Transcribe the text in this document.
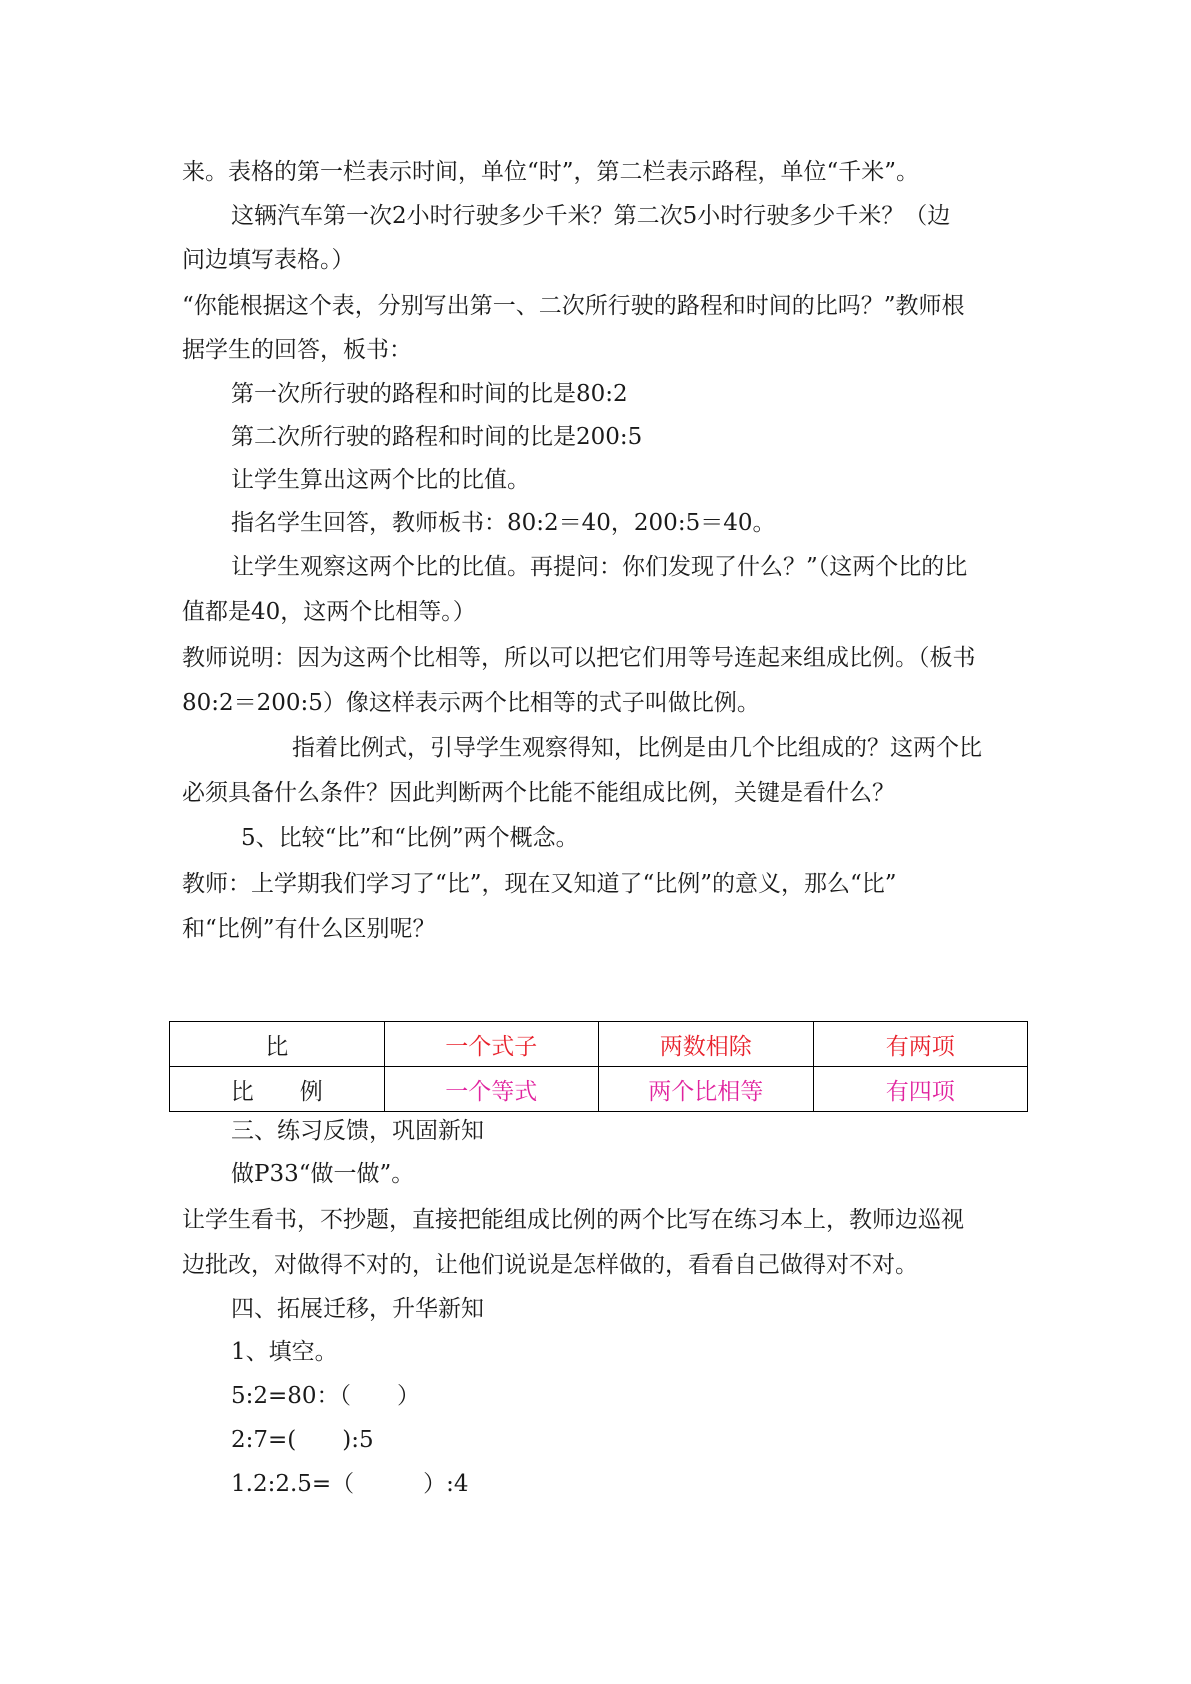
来。表格的第一栏表示时间，单位“时”，第二栏表示路程，单位“千米”。
这辆汽车第一次2小时行驶多少千米？第二次5小时行驶多少千米？（边
问边填写表格。）
“你能根据这个表，分别写出第一、二次所行驶的路程和时间的比吗？”教师根
据学生的回答，板书：
第一次所行驶的路程和时间的比是80:2
第二次所行驶的路程和时间的比是200:5
让学生算出这两个比的比值。
指名学生回答，教师板书：80:2＝40，200:5＝40。
让学生观察这两个比的比值。再提问：你们发现了什么？”（这两个比的比
值都是40，这两个比相等。）
教师说明：因为这两个比相等，所以可以把它们用等号连起来组成比例。（板书
80:2＝200:5）像这样表示两个比相等的式子叫做比例。
指着比例式，引导学生观察得知，比例是由几个比组成的？这两个比
必须具备什么条件？因此判断两个比能不能组成比例，关键是看什么？
5、比较“比”和“比例”两个概念。
教师：上学期我们学习了“比”，现在又知道了“比例”的意义，那么“比”
和“比例”有什么区别呢？
比	一个式子	两数相除	有两项
比　　例	一个等式	两个比相等	有四项
三、练习反馈，巩固新知
做P33“做一做”。
让学生看书，不抄题，直接把能组成比例的两个比写在练习本上，教师边巡视
边批改，对做得不对的，让他们说说是怎样做的，看看自己做得对不对。
四、拓展迁移，升华新知
1、填空。
5:2=80：（　　）
2:7=(　　):5
1.2:2.5=（　　　）:4
